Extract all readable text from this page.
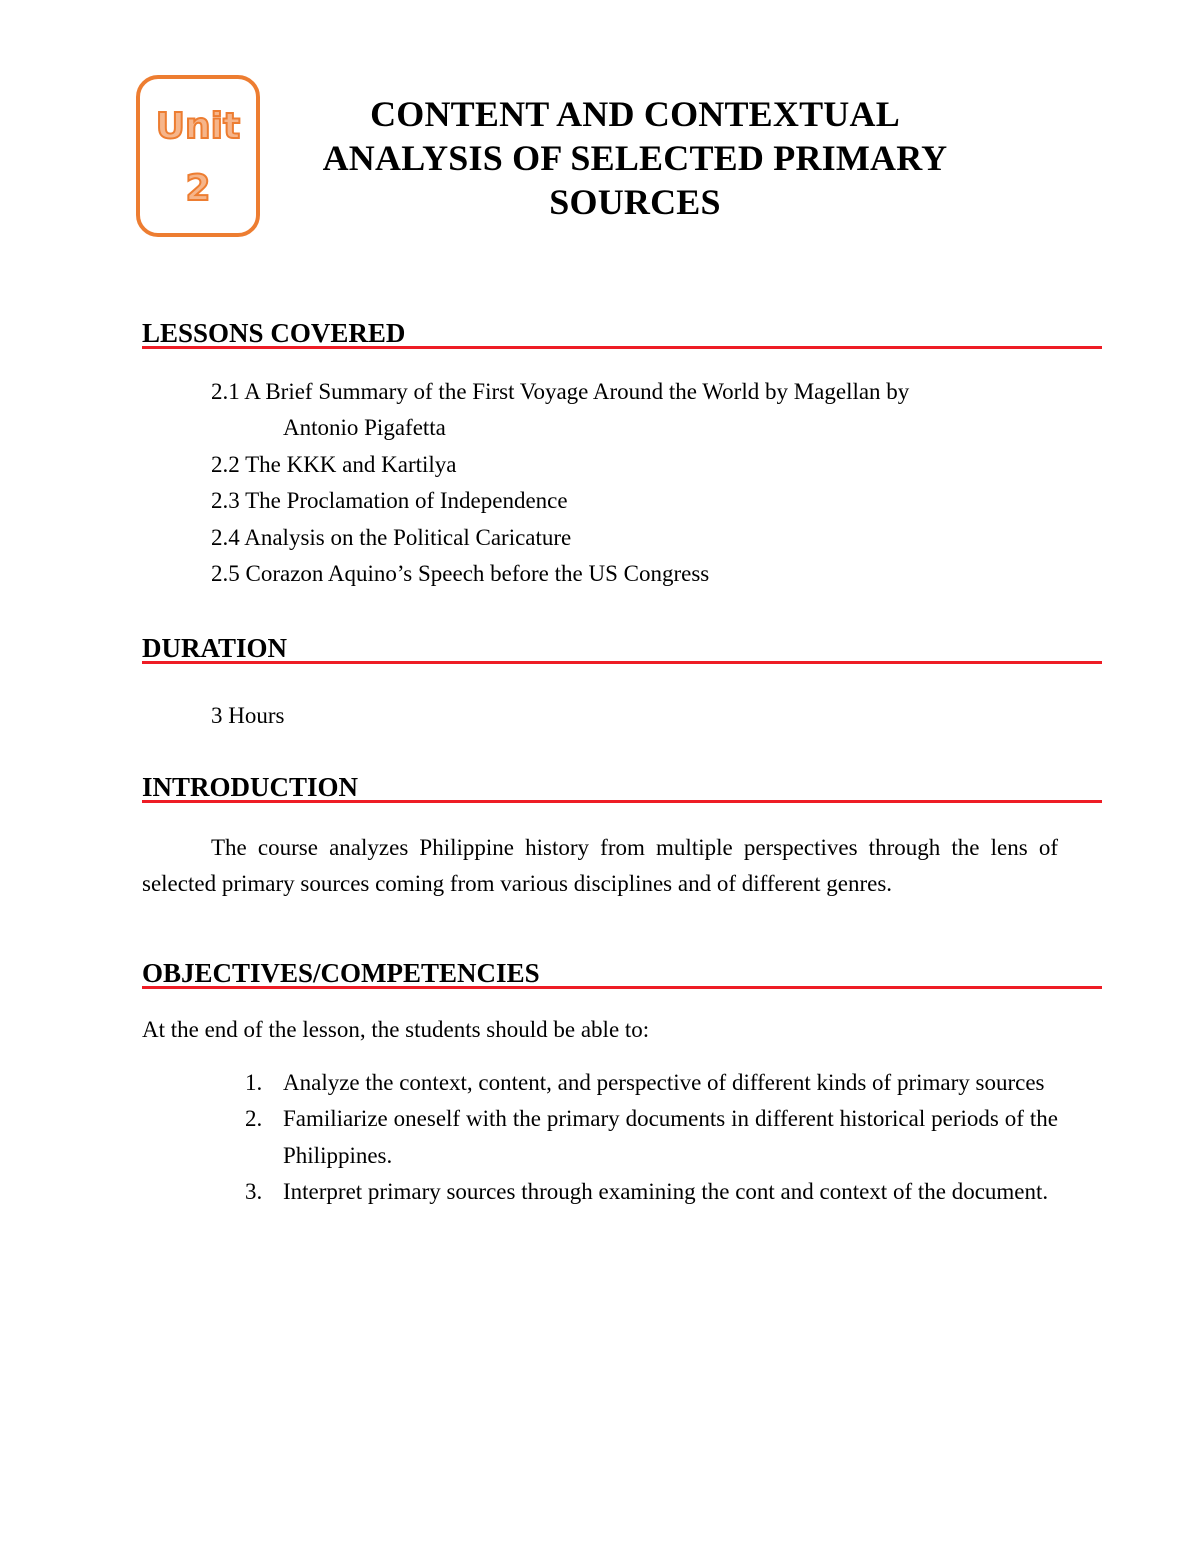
Unit
2
CONTENT AND CONTEXTUAL
ANALYSIS OF SELECTED PRIMARY
SOURCES
LESSONS COVERED
2.1 A Brief Summary of the First Voyage Around the World by Magellan by
Antonio Pigafetta
2.2 The KKK and Kartilya
2.3 The Proclamation of Independence
2.4 Analysis on the Political Caricature
2.5 Corazon Aquino’s Speech before the US Congress
DURATION
3 Hours
INTRODUCTION

The course analyzes Philippine history from multiple perspectives through the lens of selected primary sources coming from various disciplines and of different genres.

OBJECTIVES/COMPETENCIES
At the end of the lesson, the students should be able to:
1. Analyze the context, content, and perspective of different kinds of primary sources
2. Familiarize oneself with the primary documents in different historical periods of the Philippines.
3. Interpret primary sources through examining the cont and context of the document.
